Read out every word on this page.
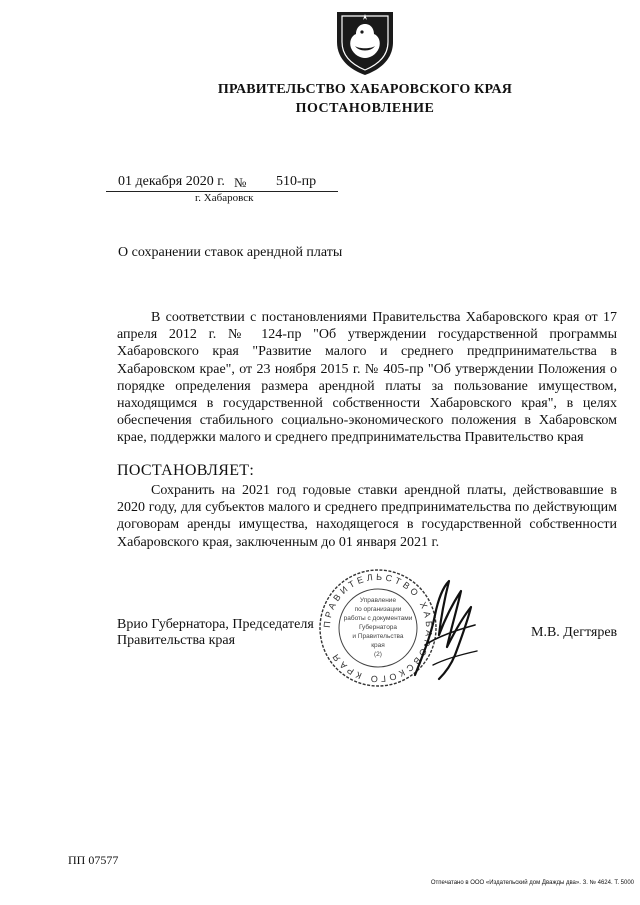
ПРАВИТЕЛЬСТВО ХАБАРОВСКОГО КРАЯ
ПОСТАНОВЛЕНИЕ
01 декабря 2020 г. № 510-пр
г. Хабаровск
О сохранении ставок арендной платы
В соответствии с постановлениями Правительства Хабаровского края от 17 апреля 2012 г. № 124-пр "Об утверждении государственной программы Хабаровского края "Развитие малого и среднего предпринимательства в Хабаровском крае", от 23 ноября 2015 г. № 405-пр "Об утверждении Положения о порядке определения размера арендной платы за пользование имуществом, находящимся в государственной собственности Хабаровского края", в целях обеспечения стабильного социально-экономического положения в Хабаровском крае, поддержки малого и среднего предпринимательства Правительство края
ПОСТАНОВЛЯЕТ:
Сохранить на 2021 год годовые ставки арендной платы, действовавшие в 2020 году, для субъектов малого и среднего предпринимательства по действующим договорам аренды имущества, находящегося в государственной собственности Хабаровского края, заключенным до 01 января 2021 г.
ПРАВИТЕЛЬСТВО ХАБАРОВСКОГО КРАЯ
Управление
по организации
работы с документами
Губернатора
и Правительства
края
(2)
Врио Губернатора, Председателя
Правительства края
М.В. Дегтярев
ПП 07577
Отпечатано в ООО «Издательский дом Дважды два». З. № 4624. Т. 5000
